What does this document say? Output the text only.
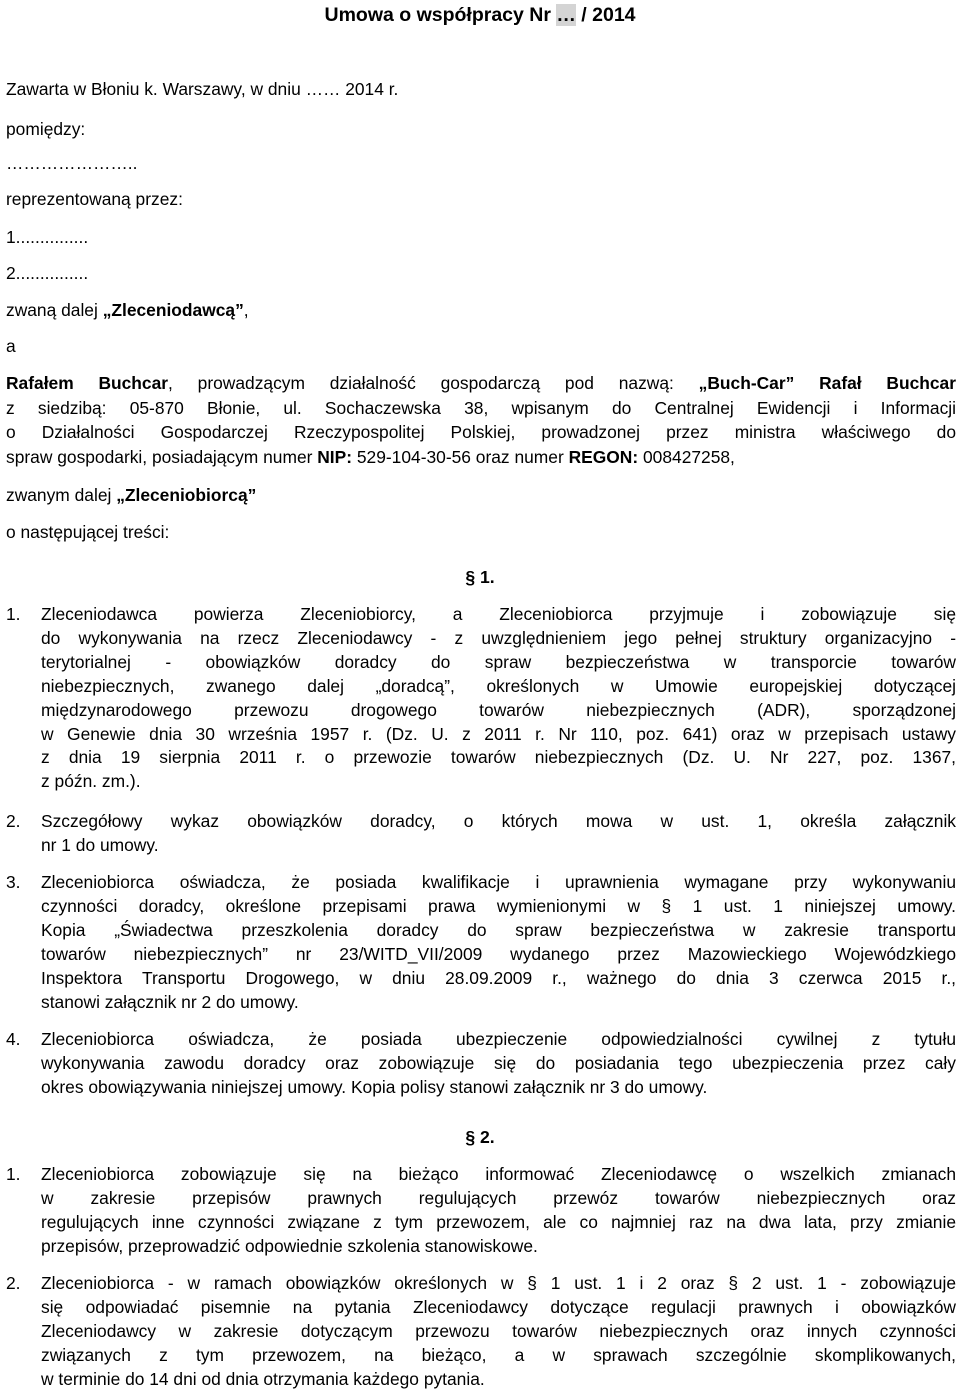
Umowa o współpracy Nr … / 2014
Zawarta w Błoniu k. Warszawy, w dniu …… 2014 r.
pomiędzy:
…………………..
reprezentowaną przez:
1...............
2...............
zwaną dalej „Zleceniodawcą”,
a
Rafałem Buchcar, prowadzącym działalność gospodarczą pod nazwą: „Buch-Car” Rafał Buchcar
z siedzibą: 05-870 Błonie, ul. Sochaczewska 38, wpisanym do Centralnej Ewidencji i Informacji
o Działalności Gospodarczej Rzeczypospolitej Polskiej, prowadzonej przez ministra właściwego do
spraw gospodarki, posiadającym numer NIP: 529-104-30-56 oraz numer REGON: 008427258,
zwanym dalej „Zleceniobiorcą”
o następującej treści:
§ 1.
1. Zleceniodawca powierza Zleceniobiorcy, a Zleceniobiorca przyjmuje i zobowiązuje się
do wykonywania na rzecz Zleceniodawcy - z uwzględnieniem jego pełnej struktury organizacyjno -
terytorialnej - obowiązków doradcy do spraw bezpieczeństwa w transporcie towarów
niebezpiecznych, zwanego dalej „doradcą”, określonych w Umowie europejskiej dotyczącej
międzynarodowego przewozu drogowego towarów niebezpiecznych (ADR), sporządzonej
w Genewie dnia 30 września 1957 r. (Dz. U. z 2011 r. Nr 110, poz. 641) oraz w przepisach ustawy
z dnia 19 sierpnia 2011 r. o przewozie towarów niebezpiecznych (Dz. U. Nr 227, poz. 1367,
z późn. zm.).
2. Szczegółowy wykaz obowiązków doradcy, o których mowa w ust. 1, określa załącznik
nr 1 do umowy.
3. Zleceniobiorca oświadcza, że posiada kwalifikacje i uprawnienia wymagane przy wykonywaniu
czynności doradcy, określone przepisami prawa wymienionymi w § 1 ust. 1 niniejszej umowy.
Kopia „Świadectwa przeszkolenia doradcy do spraw bezpieczeństwa w zakresie transportu
towarów niebezpiecznych” nr 23/WITD_VII/2009 wydanego przez Mazowieckiego Wojewódzkiego
Inspektora Transportu Drogowego, w dniu 28.09.2009 r., ważnego do dnia 3 czerwca 2015 r.,
stanowi załącznik nr 2 do umowy.
4. Zleceniobiorca oświadcza, że posiada ubezpieczenie odpowiedzialności cywilnej z tytułu
wykonywania zawodu doradcy oraz zobowiązuje się do posiadania tego ubezpieczenia przez cały
okres obowiązywania niniejszej umowy. Kopia polisy stanowi załącznik nr 3 do umowy.
§ 2.
1. Zleceniobiorca zobowiązuje się na bieżąco informować Zleceniodawcę o wszelkich zmianach
w zakresie przepisów prawnych regulujących przewóz towarów niebezpiecznych oraz
regulujących inne czynności związane z tym przewozem, ale co najmniej raz na dwa lata, przy zmianie
przepisów, przeprowadzić odpowiednie szkolenia stanowiskowe.
2. Zleceniobiorca - w ramach obowiązków określonych w § 1 ust. 1 i 2 oraz § 2 ust. 1 - zobowiązuje
się odpowiadać pisemnie na pytania Zleceniodawcy dotyczące regulacji prawnych i obowiązków
Zleceniodawcy w zakresie dotyczącym przewozu towarów niebezpiecznych oraz innych czynności
związanych z tym przewozem, na bieżąco, a w sprawach szczególnie skomplikowanych,
w terminie do 14 dni od dnia otrzymania każdego pytania.
